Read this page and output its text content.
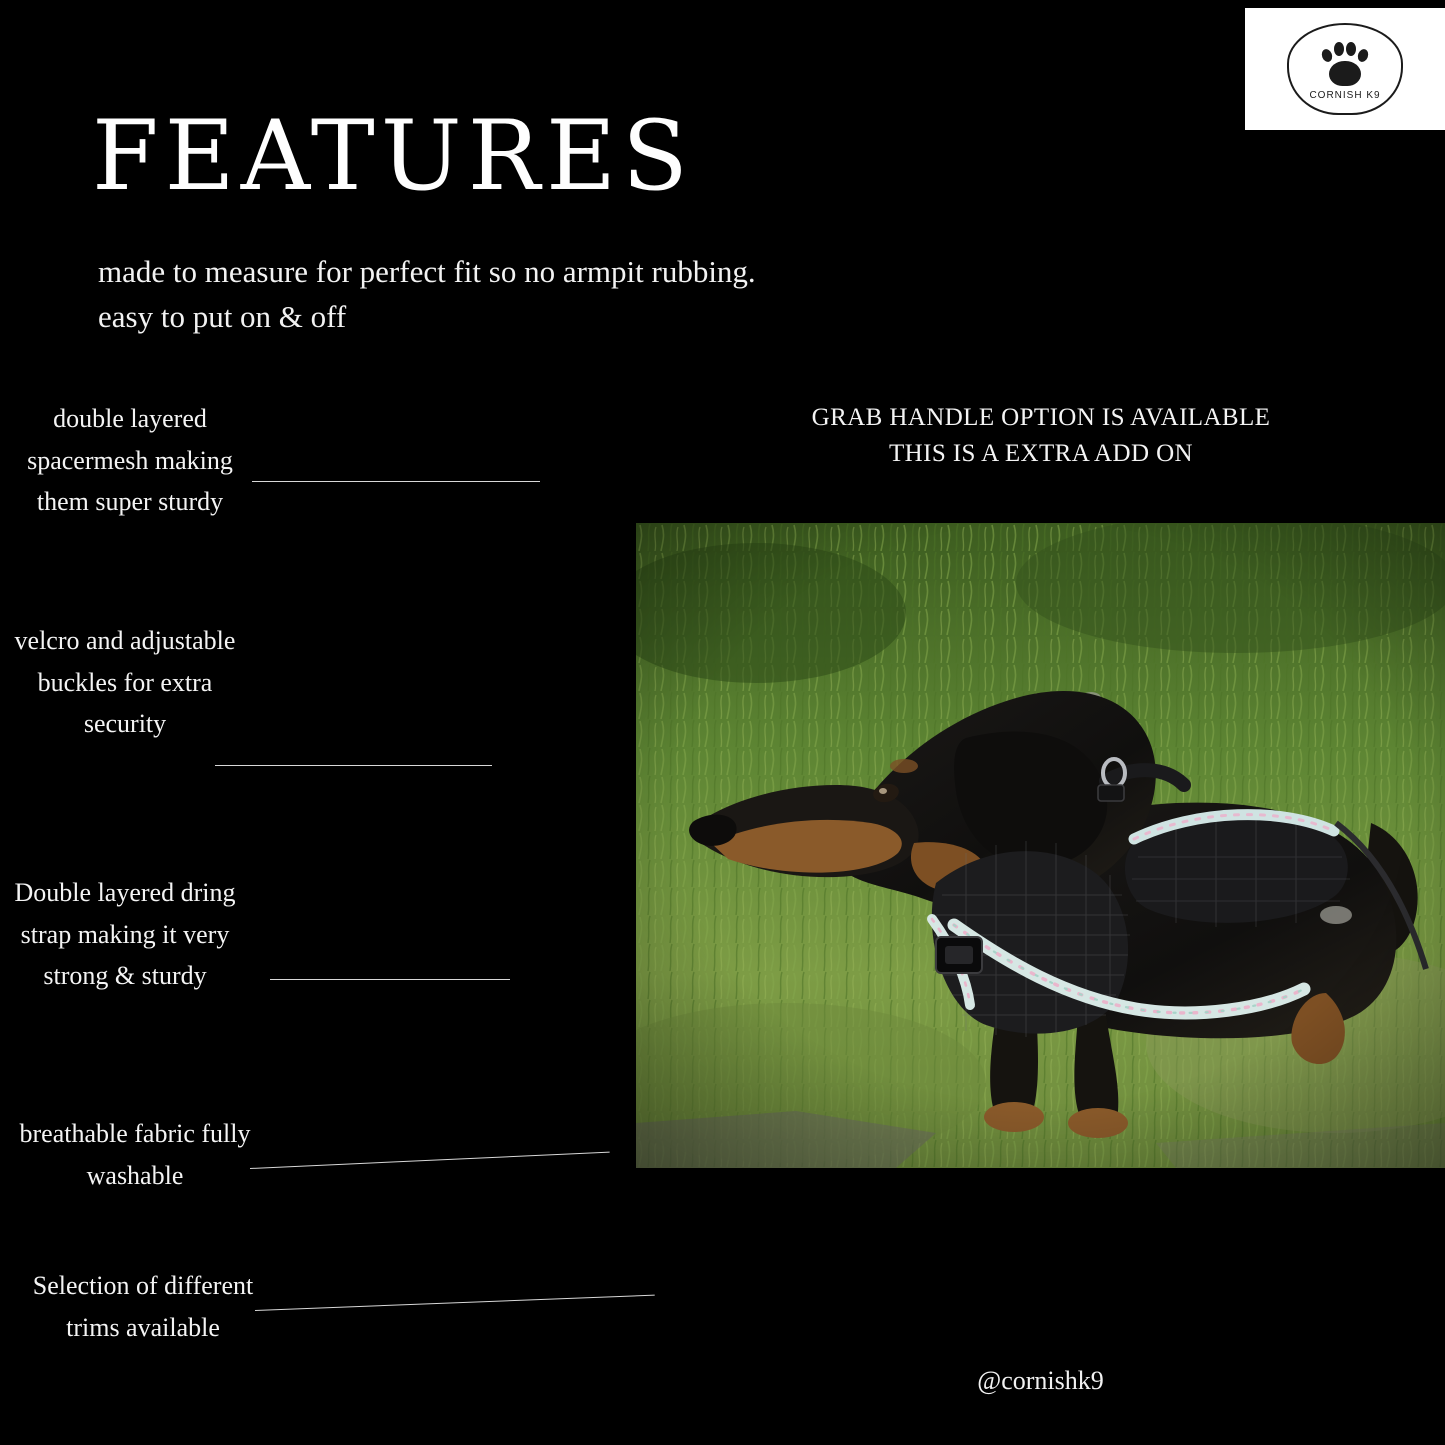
CORNISH K9
FEATURES
made to measure for perfect fit so no armpit rubbing. easy to put on & off
double layered spacermesh making them super sturdy
velcro and adjustable buckles for extra security
Double layered dring strap making it very strong & sturdy
breathable fabric fully washable
Selection of different trims available
GRAB HANDLE OPTION IS AVAILABLE
THIS IS A EXTRA ADD ON
@cornishk9
